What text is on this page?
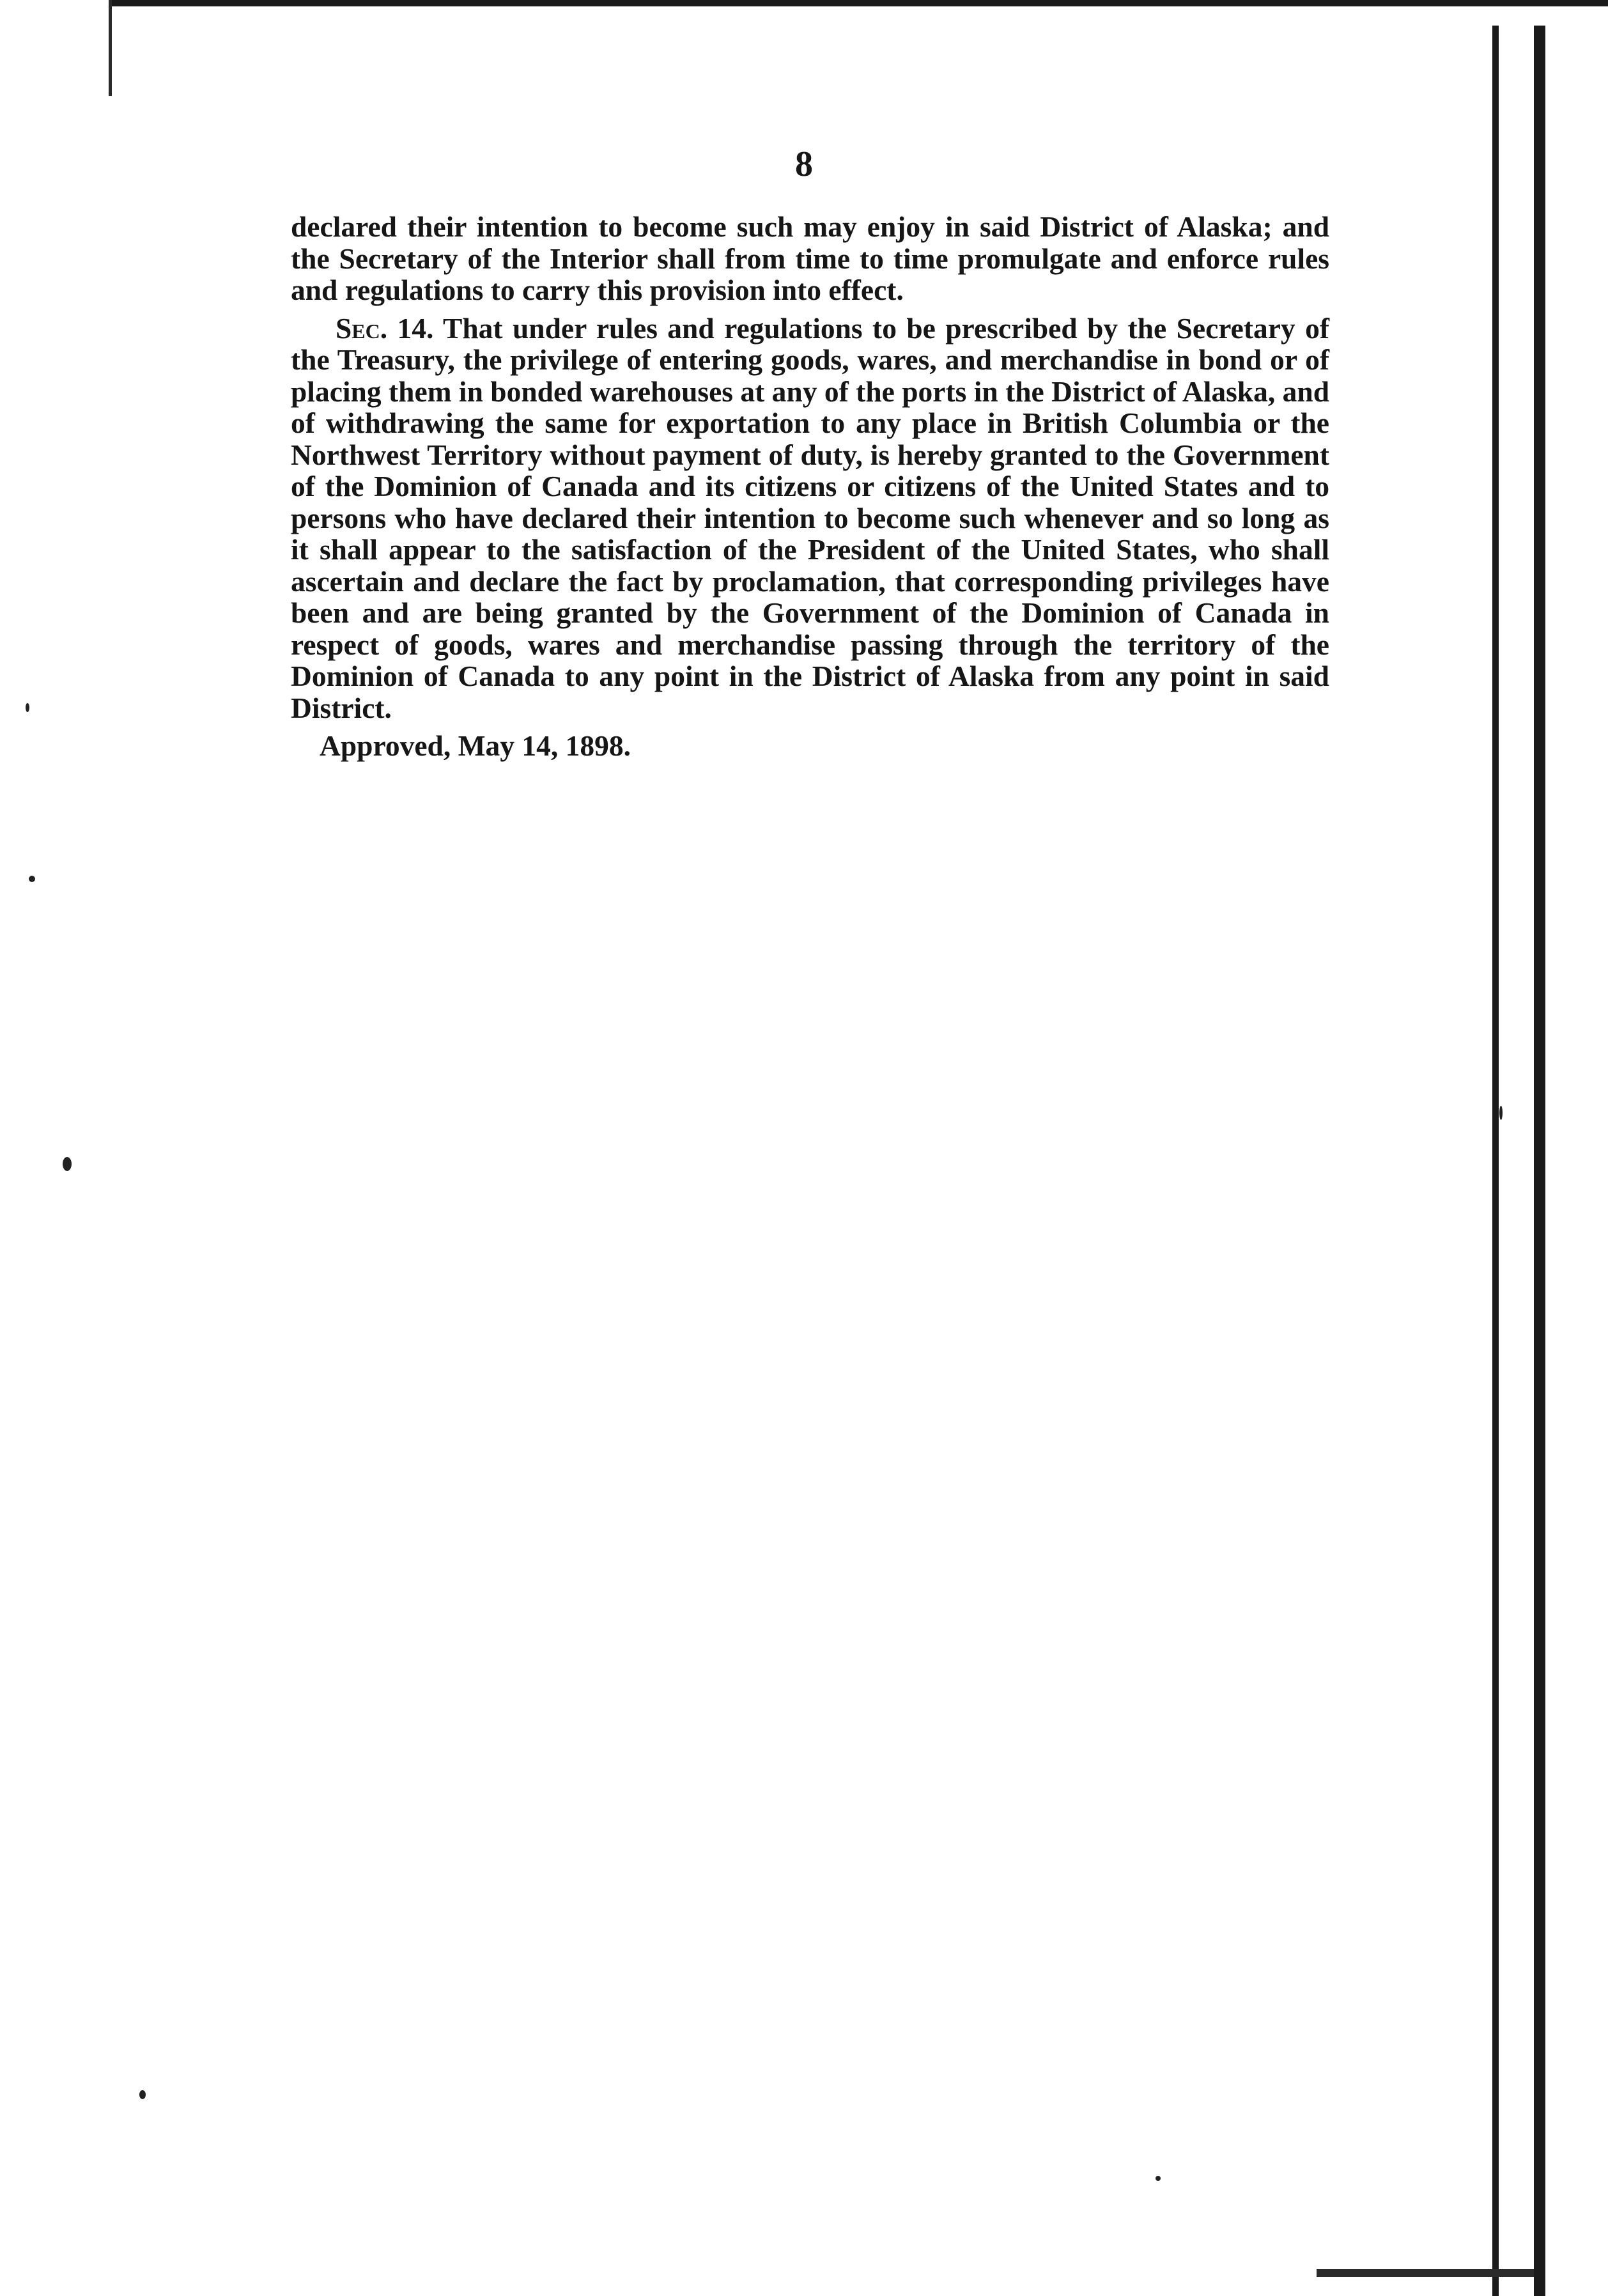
8

declared their intention to become such may enjoy in said District of Alaska; and the Secretary of the Interior shall from time to time promulgate and enforce rules and regulations to carry this provision into effect.

Sec. 14. That under rules and regulations to be prescribed by the Secretary of the Treasury, the privilege of entering goods, wares, and merchandise in bond or of placing them in bonded warehouses at any of the ports in the District of Alaska, and of withdrawing the same for exportation to any place in British Columbia or the Northwest Territory without payment of duty, is hereby granted to the Government of the Dominion of Canada and its citizens or citizens of the United States and to persons who have declared their intention to become such whenever and so long as it shall appear to the satisfaction of the President of the United States, who shall ascertain and declare the fact by proclamation, that corresponding privileges have been and are being granted by the Government of the Dominion of Canada in respect of goods, wares and merchandise passing through the territory of the Dominion of Canada to any point in the District of Alaska from any point in said District.

Approved, May 14, 1898.
